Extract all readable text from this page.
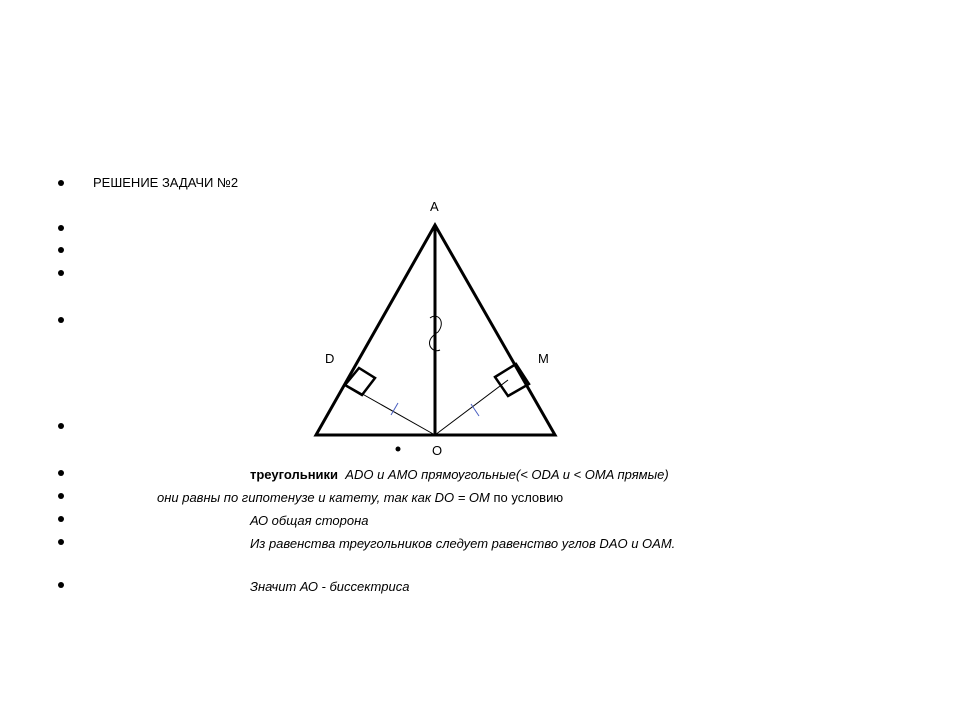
РЕШЕНИЕ ЗАДАЧИ №2
A
D	M
O
треугольники ADO и AMO прямоугольные(< ODA и < OMA прямые)
они равны по гипотенузе и катету, так как DO = OM по условию
АО общая сторона
Из равенства треугольников следует равенство углов DAO и OAM.
Значит АО - биссектриса
